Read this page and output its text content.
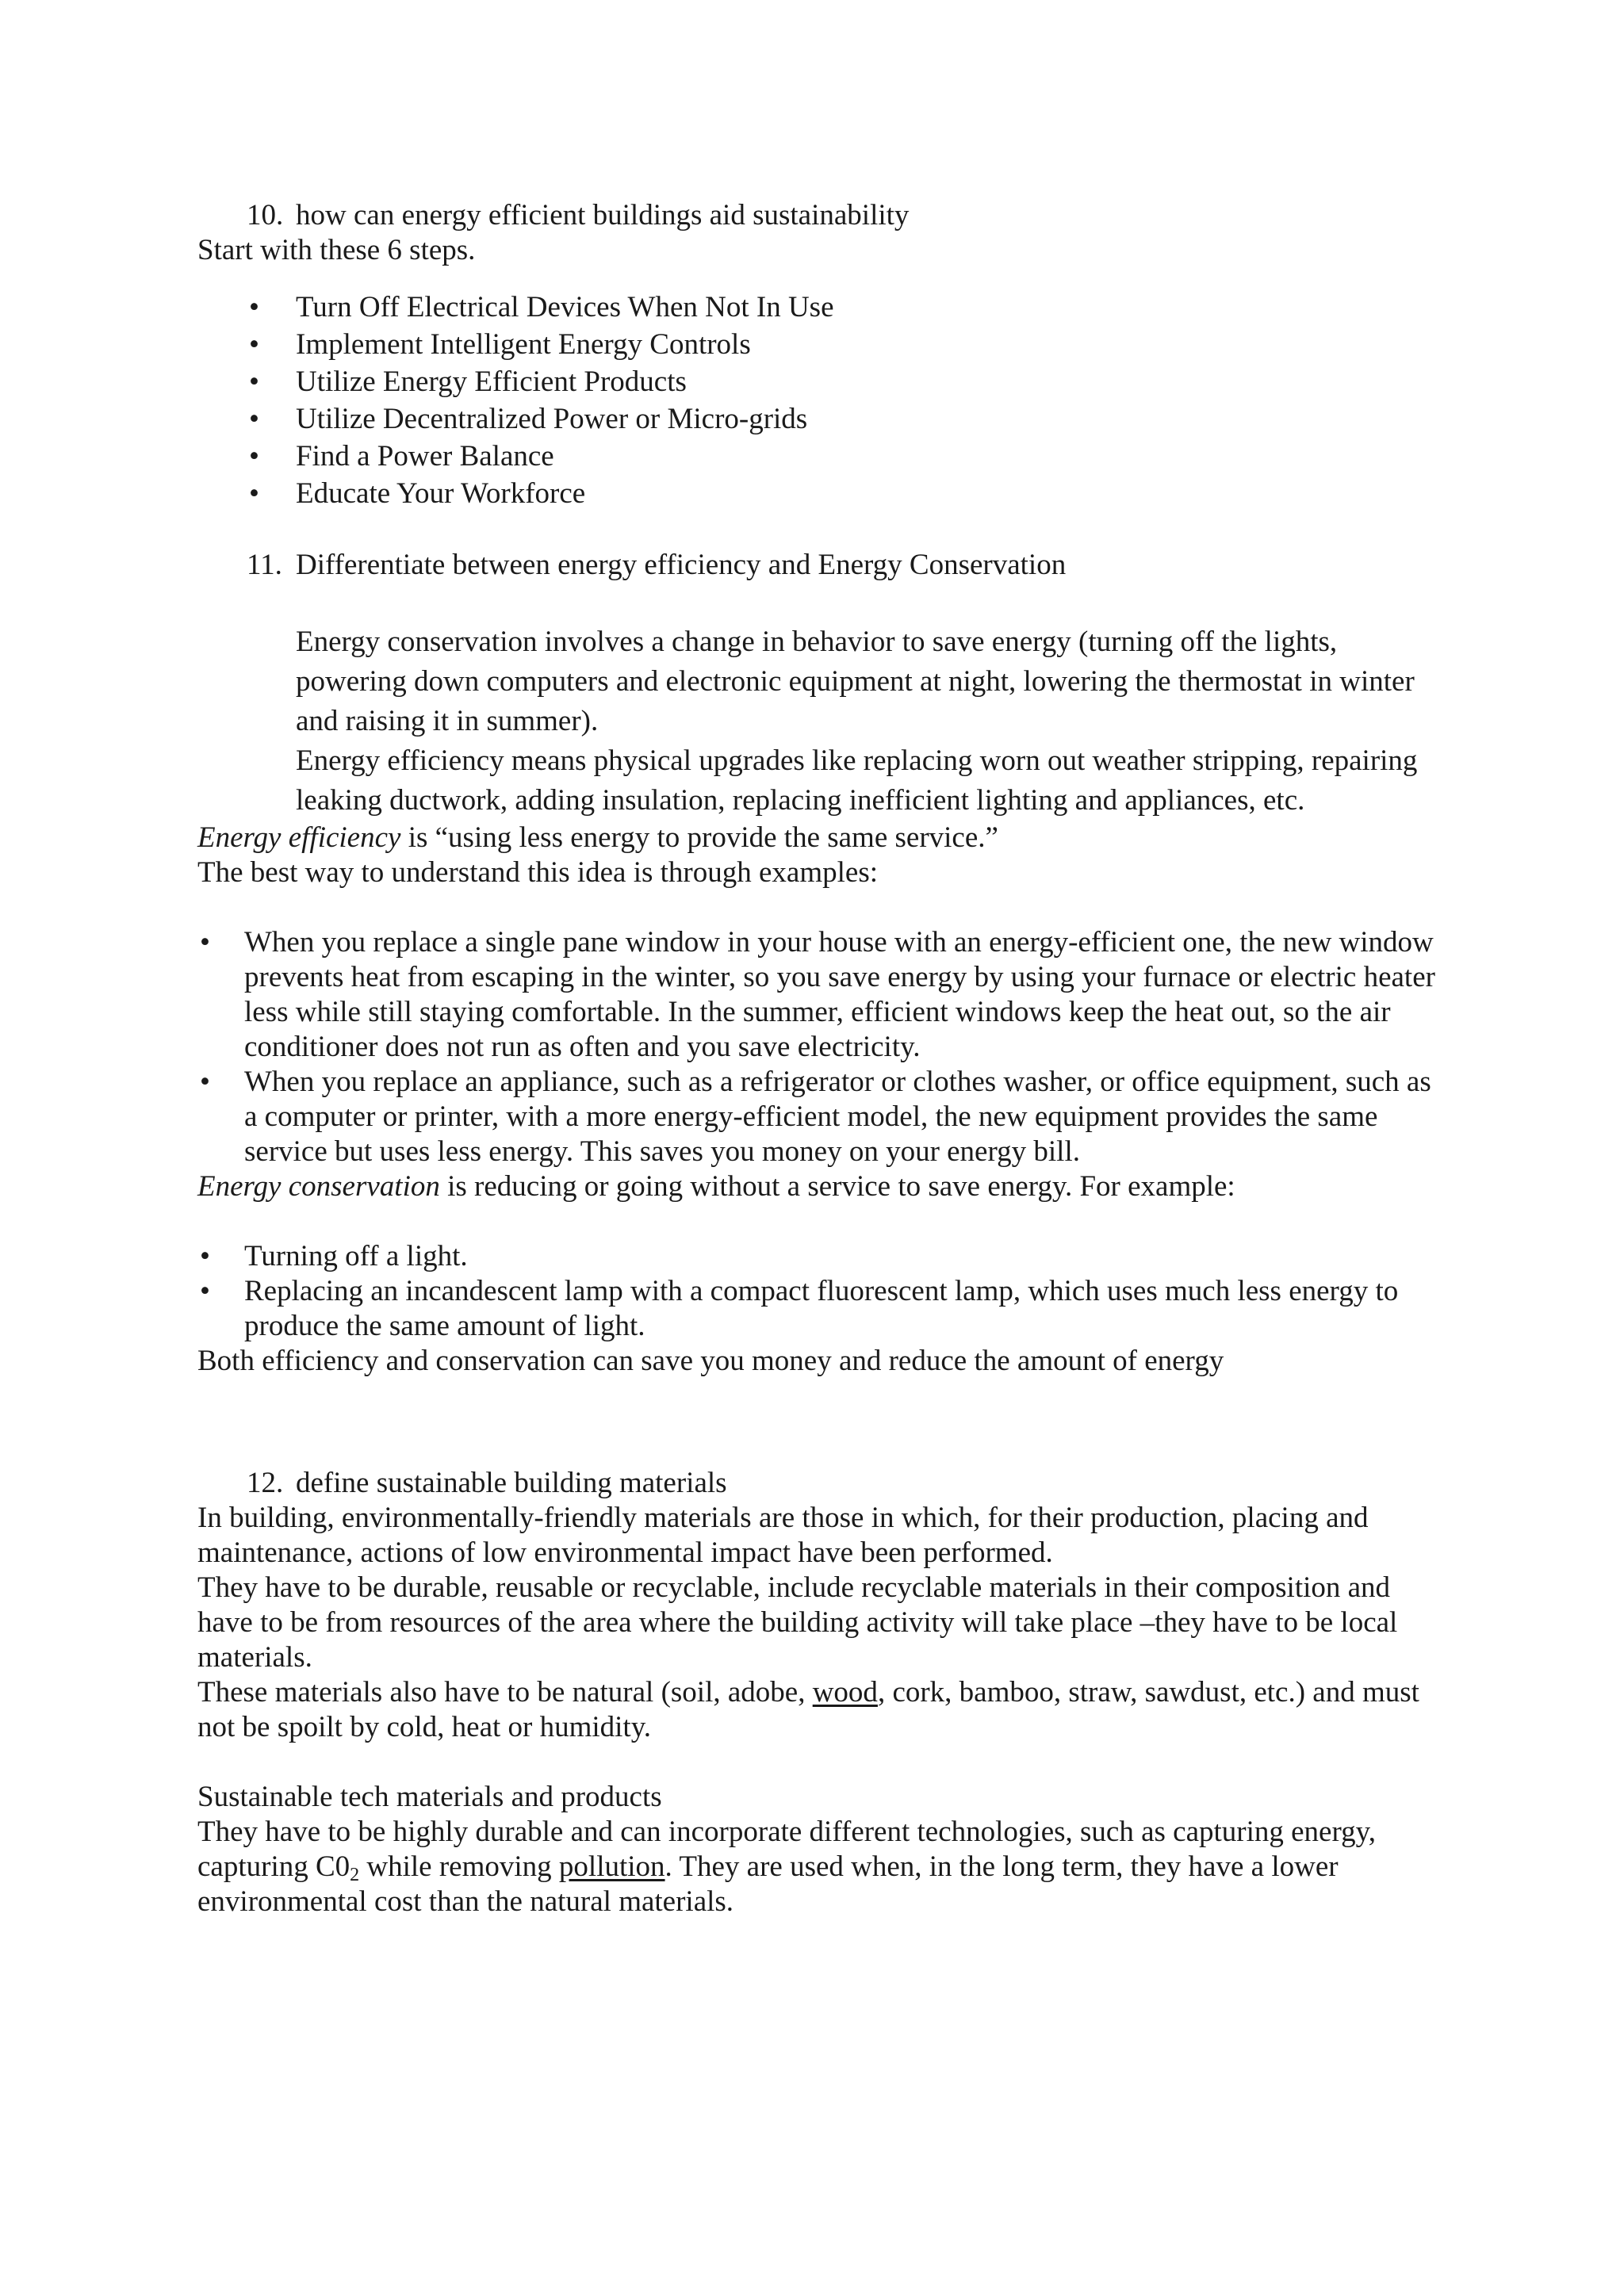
10. how can energy efficient buildings aid sustainability

Start with these 6 steps.

• Turn Off Electrical Devices When Not In Use
• Implement Intelligent Energy Controls
• Utilize Energy Efficient Products
• Utilize Decentralized Power or Micro-grids
• Find a Power Balance
• Educate Your Workforce
11. Differentiate between energy efficiency and Energy Conservation

Energy conservation involves a change in behavior to save energy (turning off the lights, powering down computers and electronic equipment at night, lowering the thermostat in winter and raising it in summer).

Energy efficiency means physical upgrades like replacing worn out weather stripping, repairing leaking ductwork, adding insulation, replacing inefficient lighting and appliances, etc.

Energy efficiency is “using less energy to provide the same service.”

The best way to understand this idea is through examples:

• When you replace a single pane window in your house with an energy-efficient one, the new window prevents heat from escaping in the winter, so you save energy by using your furnace or electric heater less while still staying comfortable. In the summer, efficient windows keep the heat out, so the air conditioner does not run as often and you save electricity.
• When you replace an appliance, such as a refrigerator or clothes washer, or office equipment, such as a computer or printer, with a more energy-efficient model, the new equipment provides the same service but uses less energy. This saves you money on your energy bill.

Energy conservation is reducing or going without a service to save energy. For example:

• Turning off a light.
• Replacing an incandescent lamp with a compact fluorescent lamp, which uses much less energy to produce the same amount of light.

Both efficiency and conservation can save you money and reduce the amount of energy

12. define sustainable building materials

In building, environmentally-friendly materials are those in which, for their production, placing and maintenance, actions of low environmental impact have been performed.

They have to be durable, reusable or recyclable, include recyclable materials in their composition and have to be from resources of the area where the building activity will take place –they have to be local materials.

These materials also have to be natural (soil, adobe, wood, cork, bamboo, straw, sawdust, etc.) and must not be spoilt by cold, heat or humidity.

Sustainable tech materials and products

They have to be highly durable and can incorporate different technologies, such as capturing energy, capturing $C0_2$ while removing pollution. They are used when, in the long term, they have a lower environmental cost than the natural materials.
